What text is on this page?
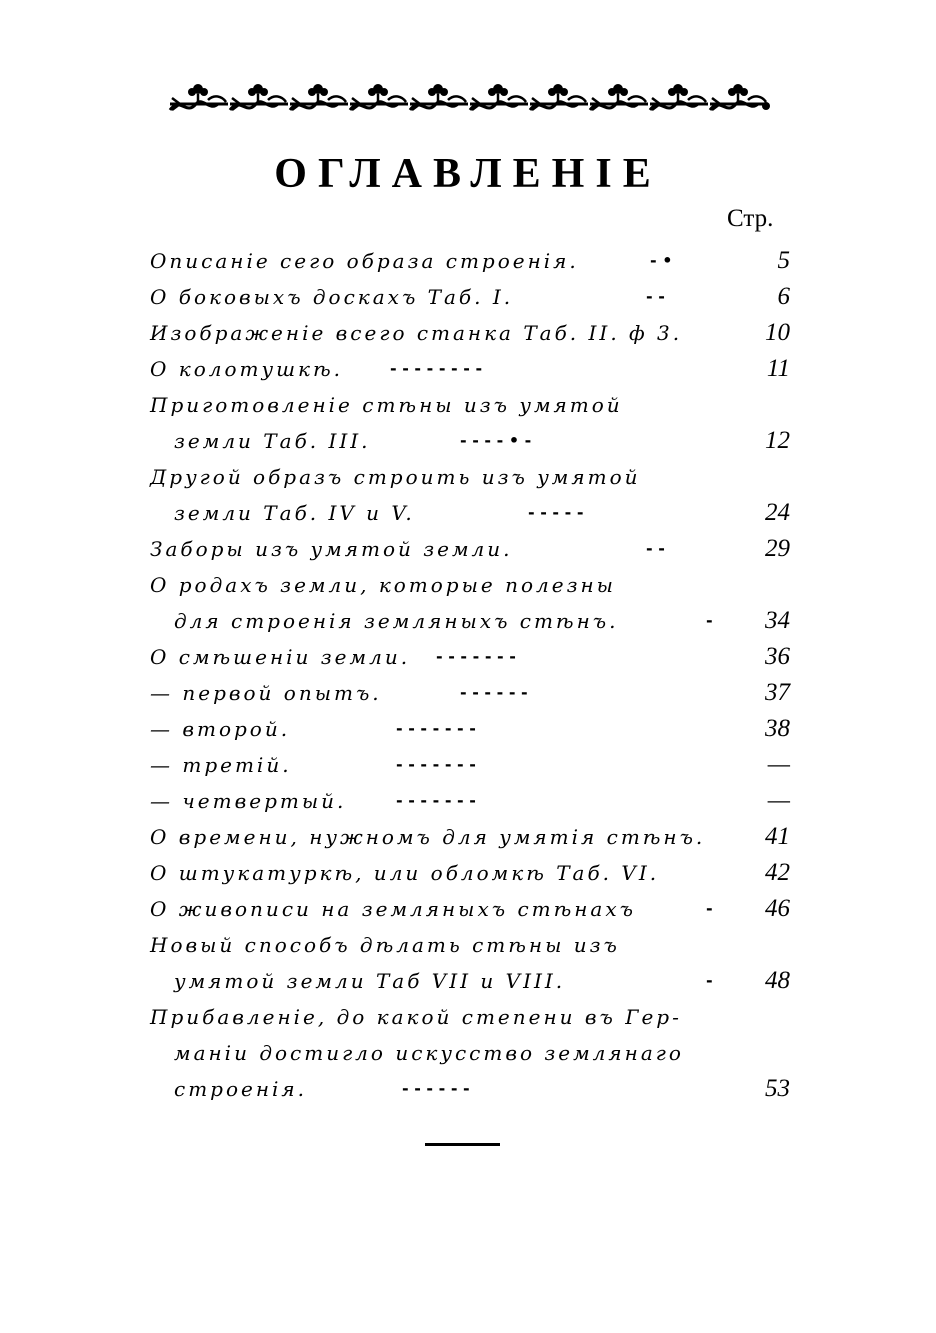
ОГЛАВЛЕНIЕ
Стр.
Описанiе сего образа строенiя.	- •	5
О боковыхъ доскахъ Таб. I.	- -	6
Изображенiе всего станка Таб. II. ф 3.	10
О колотушкѣ.	- - - - - - - -	11
Приготовленiе стѣны изъ умятой
земли Таб. III.	- - - - • -	12
Другой образъ строить изъ умятой
земли Таб. IV и V.	- - - - -	24
Заборы изъ умятой земли.	- -	29
О родахъ земли, которые полезны
для строенiя земляныхъ стѣнъ.	-	34
О смѣшенiи земли. - - - - - - -	36
— первой опытъ.	- - - - - -	37
— второй.	- - - - - - -	38
— третiй.	- - - - - - -	—
— четвертый.	- - - - - - -	—
О времени, нужномъ для умятiя стѣнъ.	41
О штукатуркѣ, или обломкѣ Таб. VI.	42
О живописи на земляныхъ стѣнахъ	-	46
Новый способъ дѣлать стѣны изъ
умятой земли Таб VII и VIII.	-	48
Прибавленiе, до какой степени въ Гер-
манiи достигло искусство землянаго
строенiя.	- - - - - -	53
